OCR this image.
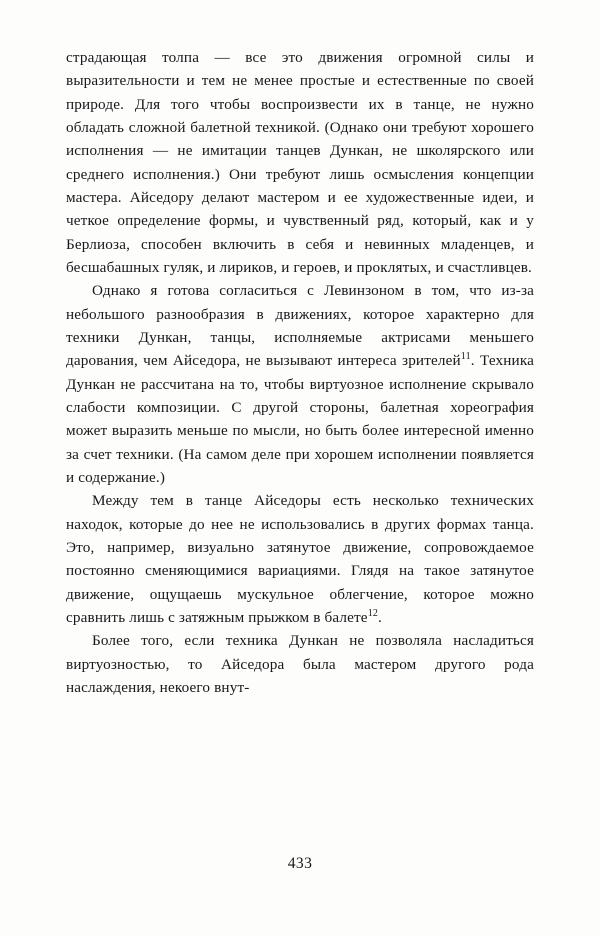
страдающая толпа — все это движения огромной силы и выразительности и тем не менее простые и естественные по своей природе. Для того чтобы воспроизвести их в танце, не нужно обладать сложной балетной техникой. (Однако они требуют хорошего исполнения — не имитации танцев Дункан, не школярского или среднего исполнения.) Они требуют лишь осмысления концепции мастера. Айседору делают мастером и ее художественные идеи, и четкое определение формы, и чувственный ряд, который, как и у Берлиоза, способен включить в себя и невинных младенцев, и бесшабашных гуляк, и лириков, и героев, и проклятых, и счастливцев.

Однако я готова согласиться с Левинзоном в том, что из-за небольшого разнообразия в движениях, которое характерно для техники Дункан, танцы, исполняемые актрисами меньшего дарования, чем Айседора, не вызывают интереса зрителей$^{11}$. Техника Дункан не рассчитана на то, чтобы виртуозное исполнение скрывало слабости композиции. С другой стороны, балетная хореография может выразить меньше по мысли, но быть более интересной именно за счет техники. (На самом деле при хорошем исполнении появляется и содержание.)

Между тем в танце Айседоры есть несколько технических находок, которые до нее не использовались в других формах танца. Это, например, визуально затянутое движение, сопровождаемое постоянно сменяющимися вариациями. Глядя на такое затянутое движение, ощущаешь мускульное облегчение, которое можно сравнить лишь с затяжным прыжком в балете$^{12}$.

Более того, если техника Дункан не позволяла насладиться виртуозностью, то Айседора была мастером другого рода наслаждения, некоего внут-

433
